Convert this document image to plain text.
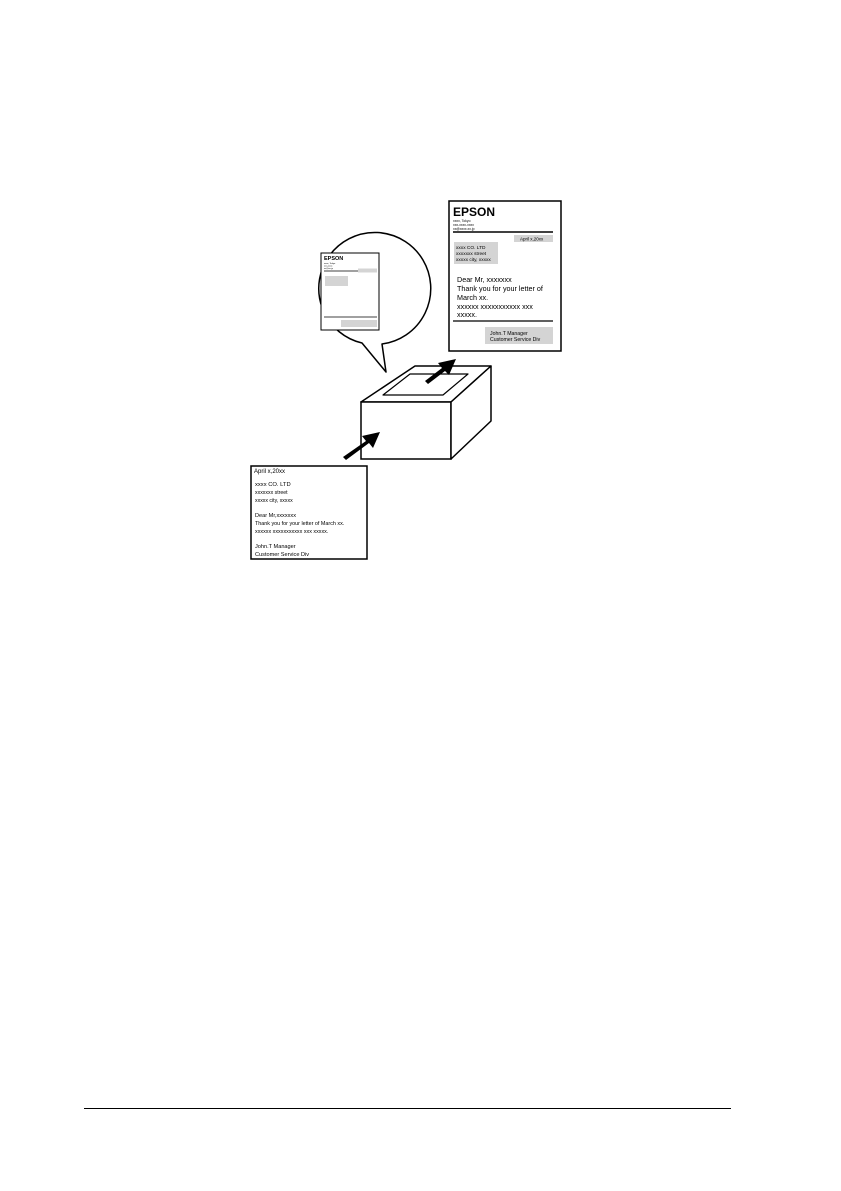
EPSON
xxxx, Tokyo
xxx-xxxx
xx@xx.jp
EPSON
xxxx, Tokyo
xxx-xxxx-xxxx
xx@xxxx.xx.jp
April x,20xx
xxxx CO. LTD
xxxxxxx street
xxxxx city, xxxxx
Dear Mr, xxxxxxx
Thank you for your letter of
March xx.
xxxxxx xxxxxxxxxxx xxx
xxxxx.
John.T Manager
Customer Service Div
April x,20xx
xxxx CO. LTD
xxxxxxx street
xxxxx city, xxxxx
Dear Mr,xxxxxxx
Thank you for your letter of March xx.
xxxxxx xxxxxxxxxxx xxx xxxxx.
John.T Manager
Customer Service Div
